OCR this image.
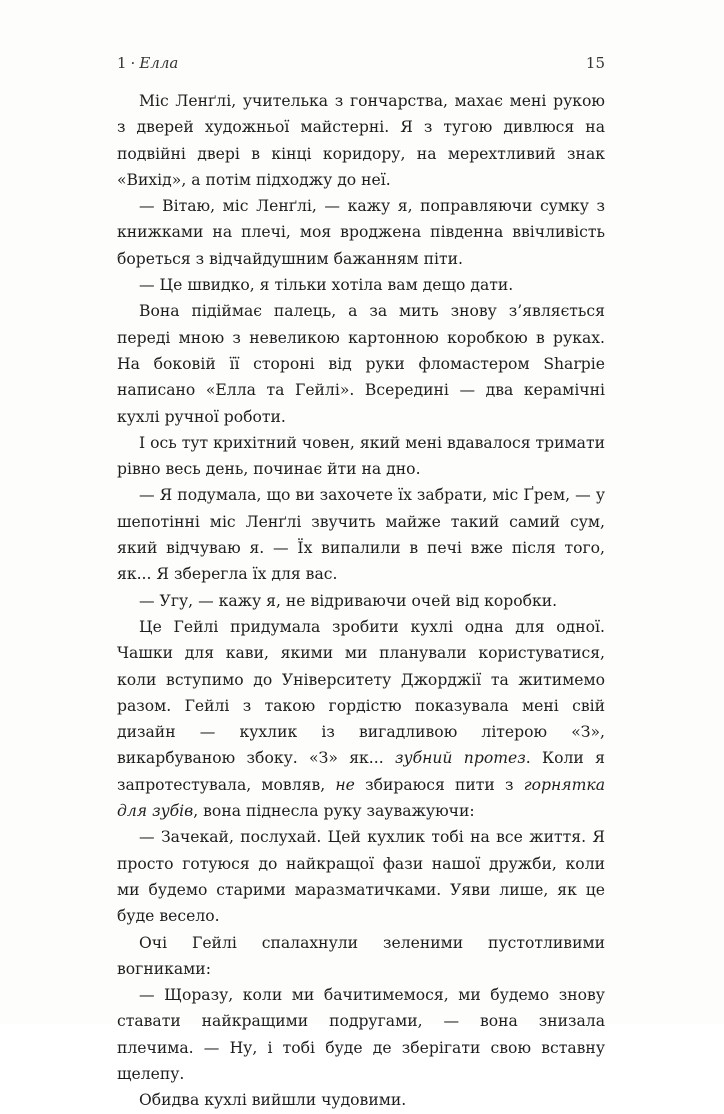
1 · Елла	15

Міс Ленґлі, учителька з гончарства, махає мені рукою з дверей художньої майстерні. Я з тугою дивлюся на подвійні двері в кінці коридору, на мерехтливий знак «Вихід», а потім підходжу до неї.

— Вітаю, міс Ленґлі, — кажу я, поправляючи сумку з книжками на плечі, моя вроджена південна ввічливість бореться з відчайдушним бажанням піти.

— Це швидко, я тільки хотіла вам дещо дати.

Вона підіймає палець, а за мить знову з’являється переді мною з невеликою картонною коробкою в руках. На боковій її стороні від руки фломастером Sharpie написано «Елла та Гейлі». Всередині — два керамічні кухлі ручної роботи.

І ось тут крихітний човен, який мені вдавалося тримати рівно весь день, починає йти на дно.

— Я подумала, що ви захочете їх забрати, міс Ґрем, — у шепотінні міс Ленґлі звучить майже такий самий сум, який відчуваю я. — Їх випалили в печі вже після того, як... Я зберегла їх для вас.

— Угу, — кажу я, не відриваючи очей від коробки.

Це Гейлі придумала зробити кухлі одна для одної. Чашки для кави, якими ми планували користуватися, коли вступимо до Університету Джорджії та житимемо разом. Гейлі з такою гордістю показувала мені свій дизайн — кухлик із вигадливою літерою «З», викарбуваною збоку. «З» як... зубний протез. Коли я запротестувала, мовляв, не збираюся пити з горнятка для зубів, вона піднесла руку зауважуючи:

— Зачекай, послухай. Цей кухлик тобі на все життя. Я просто готуюся до найкращої фази нашої дружби, коли ми будемо старими маразматичками. Уяви лише, як це буде весело.

Очі Гейлі спалахнули зеленими пустотливими вогниками:

— Щоразу, коли ми бачитимемося, ми будемо знову ставати найкращими подругами, — вона знизала плечима. — Ну, і тобі буде де зберігати свою вставну щелепу.

Обидва кухлі вийшли чудовими.
